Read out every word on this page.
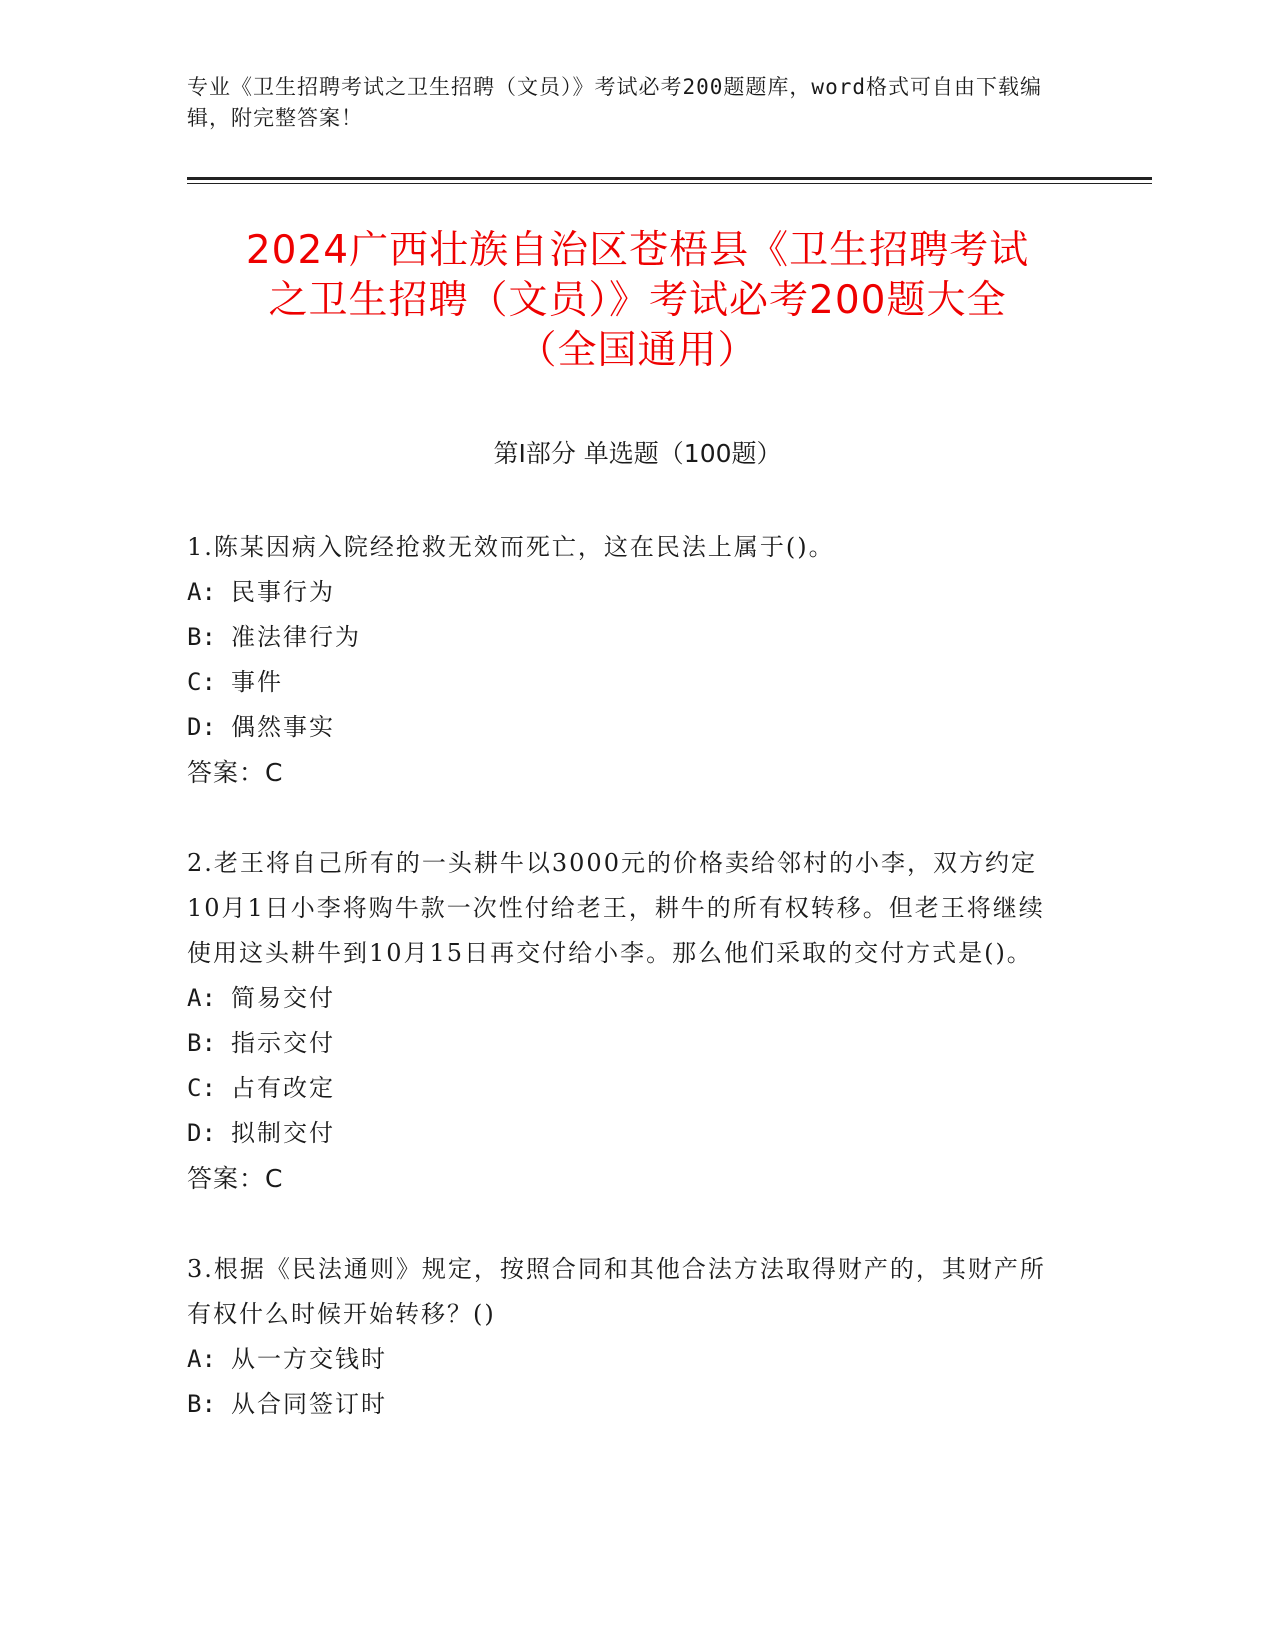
专业《卫生招聘考试之卫生招聘（文员）》考试必考200题题库，word格式可自由下载编辑，附完整答案！
2024广西壮族自治区苍梧县《卫生招聘考试
之卫生招聘（文员）》考试必考200题大全
（全国通用）
第Ⅰ部分 单选题（100题）
1.陈某因病入院经抢救无效而死亡，这在民法上属于()。
A: 民事行为
B: 准法律行为
C: 事件
D: 偶然事实
答案：C
2.老王将自己所有的一头耕牛以3000元的价格卖给邻村的小李，双方约定10月1日小李将购牛款一次性付给老王，耕牛的所有权转移。但老王将继续使用这头耕牛到10月15日再交付给小李。那么他们采取的交付方式是()。
A: 简易交付
B: 指示交付
C: 占有改定
D: 拟制交付
答案：C
3.根据《民法通则》规定，按照合同和其他合法方法取得财产的，其财产所有权什么时候开始转移？()
A: 从一方交钱时
B: 从合同签订时
